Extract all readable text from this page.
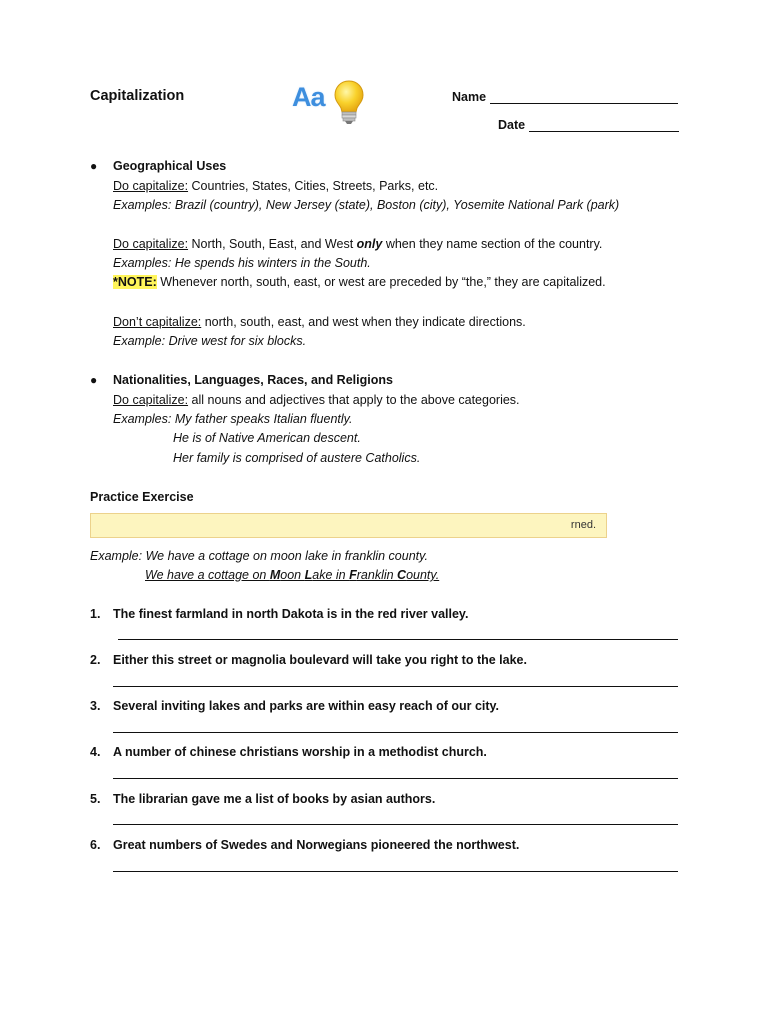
Capitalization	Aa	Name
Date
● Geographical Uses
Do capitalize: Countries, States, Cities, Streets, Parks, etc.
Examples: Brazil (country), New Jersey (state), Boston (city), Yosemite National Park (park)
Do capitalize: North, South, East, and West only when they name section of the country.
Examples: He spends his winters in the South.
*NOTE: Whenever north, south, east, or west are preceded by “the,” they are capitalized.
Don’t capitalize: north, south, east, and west when they indicate directions.
Example: Drive west for six blocks.
● Nationalities, Languages, Races, and Religions
Do capitalize: all nouns and adjectives that apply to the above categories.
Examples: My father speaks Italian fluently.
He is of Native American descent.
Her family is comprised of austere Catholics.
Practice Exercise
rned.
Example: We have a cottage on moon lake in franklin county.
We have a cottage on Moon Lake in Franklin County.
1. The finest farmland in north Dakota is in the red river valley.
2. Either this street or magnolia boulevard will take you right to the lake.
3. Several inviting lakes and parks are within easy reach of our city.
4. A number of chinese christians worship in a methodist church.
5. The librarian gave me a list of books by asian authors.
6. Great numbers of Swedes and Norwegians pioneered the northwest.
